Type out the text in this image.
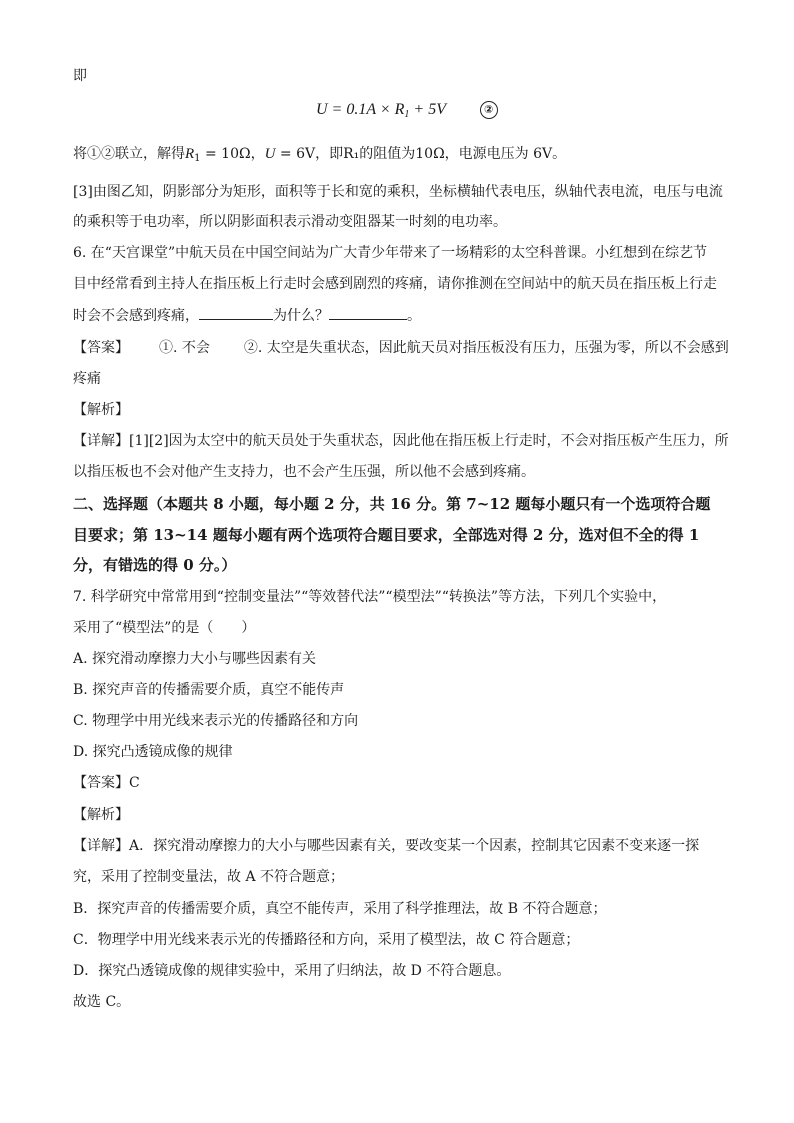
即
$U = 0.1A \times R_1 + 5V$	②
将①②联立，解得$R_1 = 10\Omega$，U = 6V，即R₁的阻值为10Ω，电源电压为 6V。
[3]由图乙知，阴影部分为矩形，面积等于长和宽的乘积，坐标横轴代表电压，纵轴代表电流，电压与电流
的乘积等于电功率，所以阴影面积表示滑动变阻器某一时刻的电功率。
6. 在“天宫课堂”中航天员在中国空间站为广大青少年带来了一场精彩的太空科普课。小红想到在综艺节
目中经常看到主持人在指压板上行走时会感到剧烈的疼痛，请你推测在空间站中的航天员在指压板上行走
时会不会感到疼痛，	为什么？	。
【答案】 ①. 不会 ②. 太空是失重状态，因此航天员对指压板没有压力，压强为零，所以不会感到
疼痛
【解析】
【详解】[1][2]因为太空中的航天员处于失重状态，因此他在指压板上行走时，不会对指压板产生压力，所
以指压板也不会对他产生支持力，也不会产生压强，所以他不会感到疼痛。
二、选择题（本题共 8 小题，每小题 2 分，共 16 分。第 7~12 题每小题只有一个选项符合题
目要求；第 13~14 题每小题有两个选项符合题目要求，全部选对得 2 分，选对但不全的得 1
分，有错选的得 0 分。）
7. 科学研究中常常用到“控制变量法”“等效替代法”“模型法”“转换法”等方法，下列几个实验中，
采用了“模型法”的是（　　）
A. 探究滑动摩擦力大小与哪些因素有关
B. 探究声音的传播需要介质，真空不能传声
C. 物理学中用光线来表示光的传播路径和方向
D. 探究凸透镜成像的规律
【答案】C
【解析】
【详解】A．探究滑动摩擦力的大小与哪些因素有关，要改变某一个因素，控制其它因素不变来逐一探
究，采用了控制变量法，故 A 不符合题意；
B．探究声音的传播需要介质，真空不能传声，采用了科学推理法，故 B 不符合题意；
C．物理学中用光线来表示光的传播路径和方向，采用了模型法，故 C 符合题意；
D．探究凸透镜成像的规律实验中，采用了归纳法，故 D 不符合题息。
故选 C。
